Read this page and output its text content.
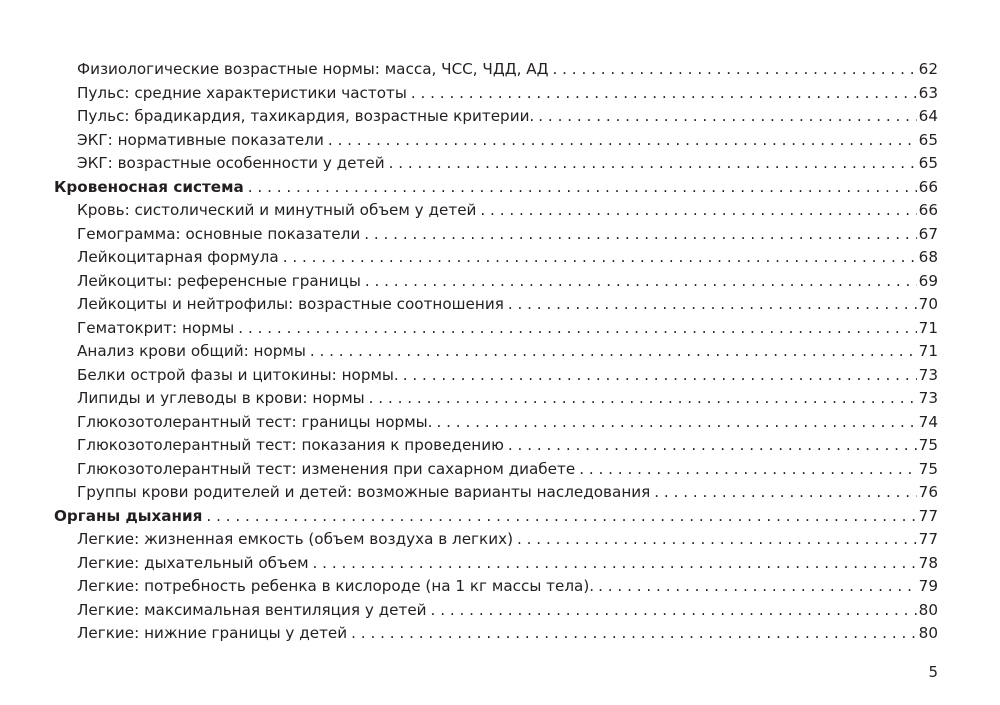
Физиологические возрастные нормы: масса, ЧСС, ЧДД, АД . . .	62
Пульс: средние характеристики частоты . . .	63
Пульс: брадикардия, тахикардия, возрастные критерии. . . .	64
ЭКГ: нормативные показатели . . .	65
ЭКГ: возрастные особенности у детей . . .	65
Кровеносная система . . .	66
Кровь: систолический и минутный объем у детей . . .	66
Гемограмма: основные показатели . . .	67
Лейкоцитарная формула . . .	68
Лейкоциты: референсные границы . . .	69
Лейкоциты и нейтрофилы: возрастные соотношения . . .	70
Гематокрит: нормы . . .	71
Анализ крови общий: нормы . . .	71
Белки острой фазы и цитокины: нормы. . . .	73
Липиды и углеводы в крови: нормы . . .	73
Глюкозотолерантный тест: границы нормы. . . .	74
Глюкозотолерантный тест: показания к проведению . . .	75
Глюкозотолерантный тест: изменения при сахарном диабете . . .	75
Группы крови родителей и детей: возможные варианты наследования . . .	76
Органы дыхания . . .	77
Легкие: жизненная емкость (объем воздуха в легких) . . .	77
Легкие: дыхательный объем . . .	78
Легкие: потребность ребенка в кислороде (на 1 кг массы тела). . . .	79
Легкие: максимальная вентиляция у детей . . .	80
Легкие: нижние границы у детей . . .	80
5
